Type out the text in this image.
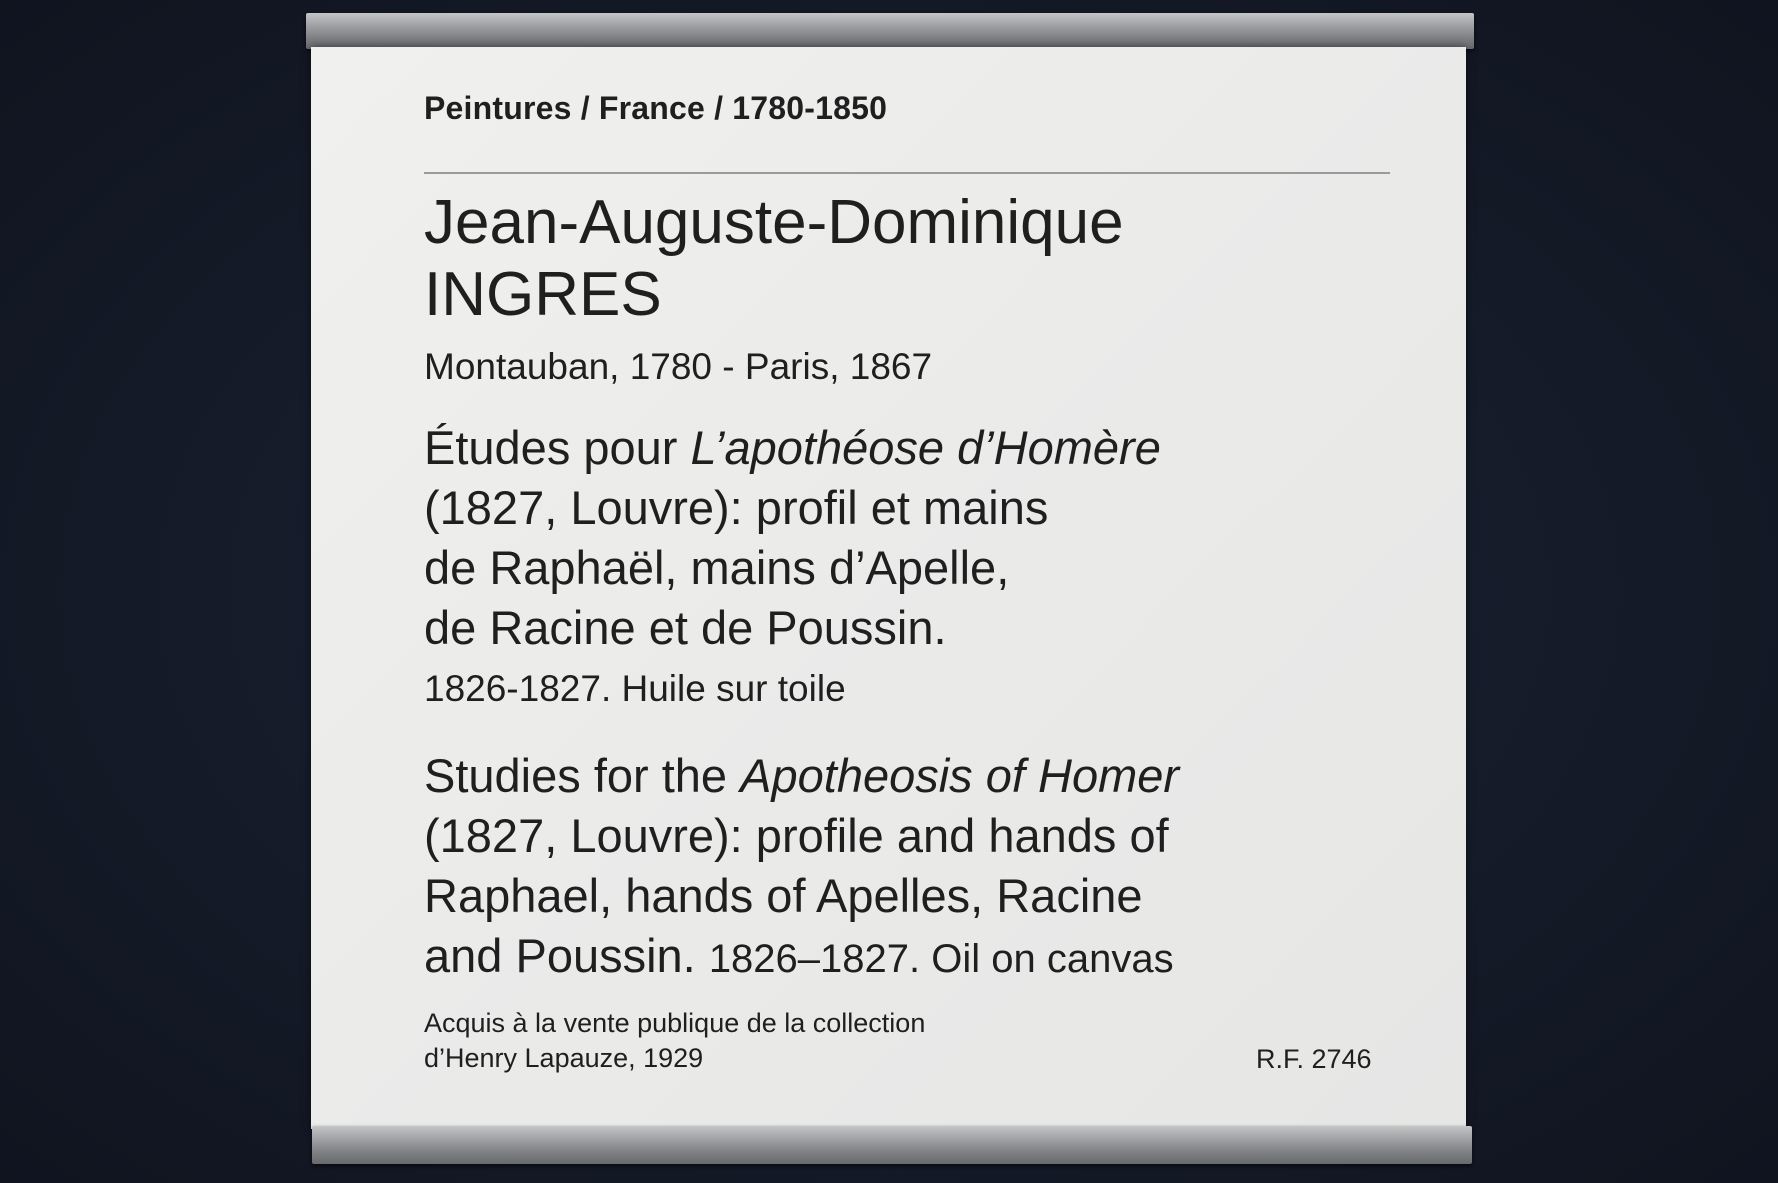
Peintures / France / 1780-1850

Jean-Auguste-Dominique

INGRES

Montauban, 1780 - Paris, 1867

Études pour L’apothéose d’Homère
(1827, Louvre): profil et mains
de Raphaël, mains d’Apelle,
de Racine et de Poussin.

1826-1827. Huile sur toile

Studies for the Apotheosis of Homer
(1827, Louvre): profile and hands of
Raphael, hands of Apelles, Racine
and Poussin. 1826–1827. Oil on canvas
Acquis à la vente publique de la collection
d’Henry Lapauze, 1929	R.F. 2746
